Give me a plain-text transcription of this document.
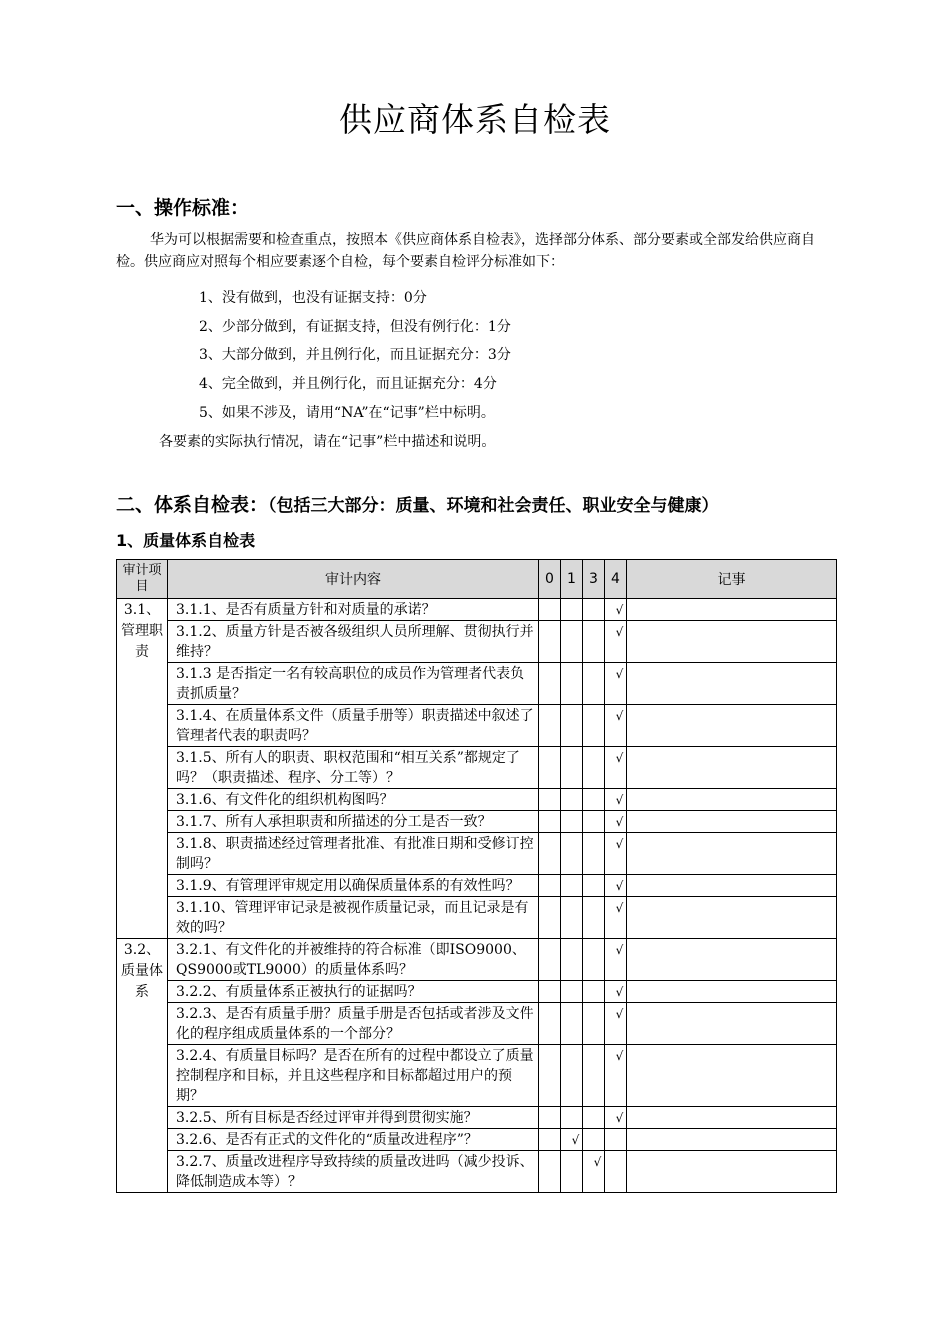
供应商体系自检表
一、操作标准：
华为可以根据需要和检查重点，按照本《供应商体系自检表》，选择部分体系、部分要素或全部发给供应商自检。供应商应对照每个相应要素逐个自检，每个要素自检评分标准如下：
1、没有做到，也没有证据支持：0分
2、少部分做到，有证据支持，但没有例行化：1分
3、大部分做到，并且例行化，而且证据充分：3分
4、完全做到，并且例行化，而且证据充分：4分
5、如果不涉及，请用“NA”在“记事”栏中标明。
各要素的实际执行情况，请在“记事”栏中描述和说明。
二、体系自检表：（包括三大部分：质量、环境和社会责任、职业安全与健康）
1、质量体系自检表
审计项目	审计内容	0	1	3	4	记事
3.1、管理职责	3.1.1、是否有质量方针和对质量的承诺？				√	
	3.1.2、质量方针是否被各级组织人员所理解、贯彻执行并维持？				√	
	3.1.3 是否指定一名有较高职位的成员作为管理者代表负责抓质量？				√	
	3.1.4、在质量体系文件（质量手册等）职责描述中叙述了管理者代表的职责吗？				√	
	3.1.5、所有人的职责、职权范围和“相互关系”都规定了吗？（职责描述、程序、分工等）？				√	
	3.1.6、有文件化的组织机构图吗？				√	
	3.1.7、所有人承担职责和所描述的分工是否一致？				√	
	3.1.8、职责描述经过管理者批准、有批准日期和受修订控制吗？				√	
	3.1.9、有管理评审规定用以确保质量体系的有效性吗？				√	
	3.1.10、管理评审记录是被视作质量记录，而且记录是有效的吗？				√	
3.2、质量体系	3.2.1、有文件化的并被维持的符合标准（即ISO9000、QS9000或TL9000）的质量体系吗？				√	
	3.2.2、有质量体系正被执行的证据吗？				√	
	3.2.3、是否有质量手册？质量手册是否包括或者涉及文件化的程序组成质量体系的一个部分？				√	
	3.2.4、有质量目标吗？是否在所有的过程中都设立了质量控制程序和目标，并且这些程序和目标都超过用户的预期？				√	
	3.2.5、所有目标是否经过评审并得到贯彻实施？				√	
	3.2.6、是否有正式的文件化的“质量改进程序”？		√			
	3.2.7、质量改进程序导致持续的质量改进吗（减少投诉、降低制造成本等）？			√		
